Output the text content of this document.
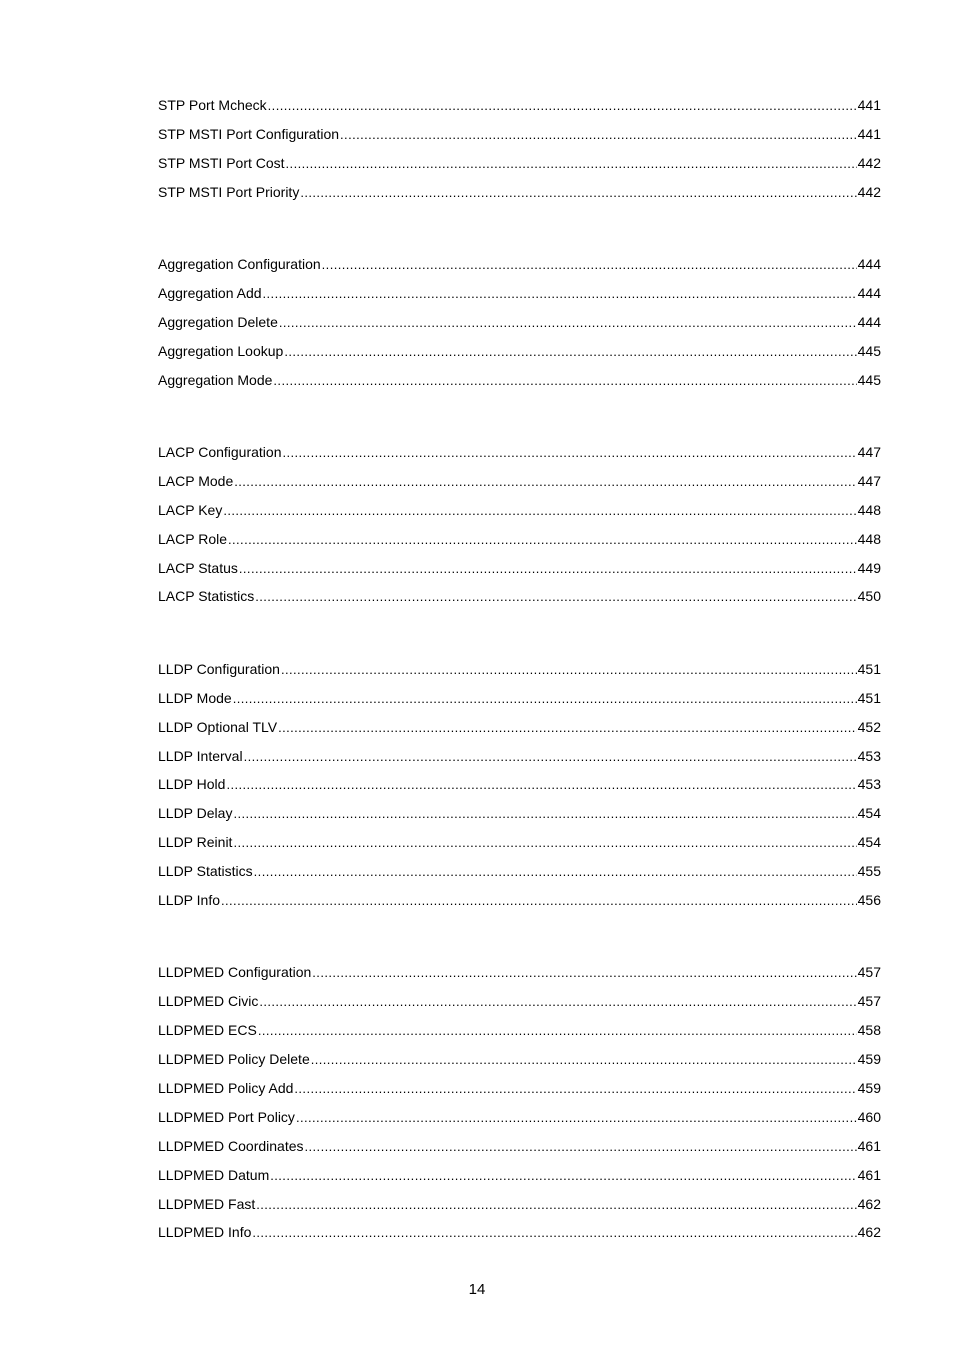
STP Port Mcheck .....	441
STP MSTI Port Configuration .....	441
STP MSTI Port Cost .....	442
STP MSTI Port Priority .....	442
Aggregation Configuration .....	444
Aggregation Add .....	444
Aggregation Delete .....	444
Aggregation Lookup .....	445
Aggregation Mode .....	445
LACP Configuration .....	447
LACP Mode .....	447
LACP Key .....	448
LACP Role .....	448
LACP Status .....	449
LACP Statistics .....	450
LLDP Configuration .....	451
LLDP Mode .....	451
LLDP Optional TLV .....	452
LLDP Interval .....	453
LLDP Hold .....	453
LLDP Delay .....	454
LLDP Reinit .....	454
LLDP Statistics .....	455
LLDP Info .....	456
LLDPMED Configuration .....	457
LLDPMED Civic .....	457
LLDPMED ECS .....	458
LLDPMED Policy Delete .....	459
LLDPMED Policy Add .....	459
LLDPMED Port Policy .....	460
LLDPMED Coordinates .....	461
LLDPMED Datum .....	461
LLDPMED Fast .....	462
LLDPMED Info .....	462
14
